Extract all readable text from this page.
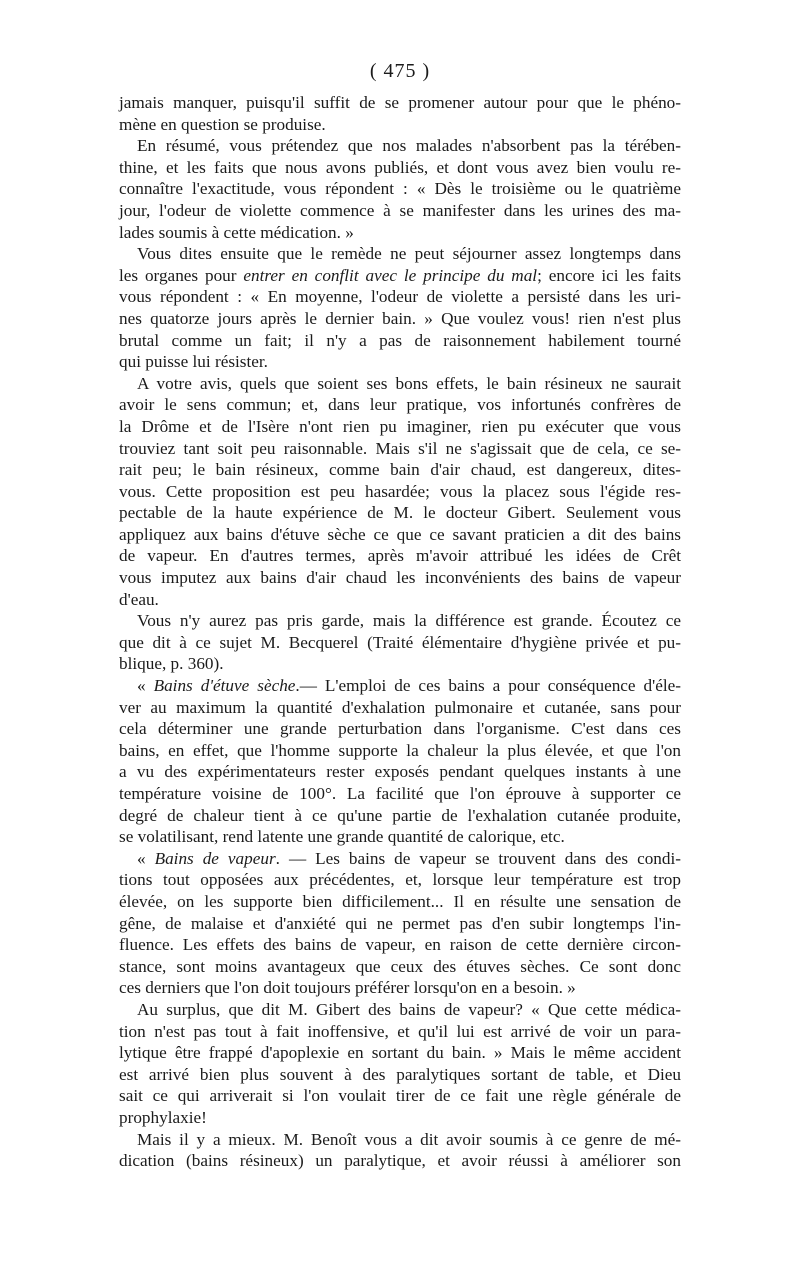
( 475 )

jamais manquer, puisqu'il suffit de se promener autour pour que le phéno-
mène en question se produise.

En résumé, vous prétendez que nos malades n'absorbent pas la térében-
thine, et les faits que nous avons publiés, et dont vous avez bien voulu re-
connaître l'exactitude, vous répondent : « Dès le troisième ou le quatrième
jour, l'odeur de violette commence à se manifester dans les urines des ma-
lades soumis à cette médication. »

Vous dites ensuite que le remède ne peut séjourner assez longtemps dans
les organes pour entrer en conflit avec le principe du mal; encore ici les faits
vous répondent : « En moyenne, l'odeur de violette a persisté dans les uri-
nes quatorze jours après le dernier bain. » Que voulez vous! rien n'est plus
brutal comme un fait; il n'y a pas de raisonnement habilement tourné
qui puisse lui résister.

A votre avis, quels que soient ses bons effets, le bain résineux ne saurait
avoir le sens commun; et, dans leur pratique, vos infortunés confrères de
la Drôme et de l'Isère n'ont rien pu imaginer, rien pu exécuter que vous
trouviez tant soit peu raisonnable. Mais s'il ne s'agissait que de cela, ce se-
rait peu; le bain résineux, comme bain d'air chaud, est dangereux, dites-
vous. Cette proposition est peu hasardée; vous la placez sous l'égide res-
pectable de la haute expérience de M. le docteur Gibert. Seulement vous
appliquez aux bains d'étuve sèche ce que ce savant praticien a dit des bains
de vapeur. En d'autres termes, après m'avoir attribué les idées de Crêt
vous imputez aux bains d'air chaud les inconvénients des bains de vapeur
d'eau.

Vous n'y aurez pas pris garde, mais la différence est grande. Écoutez ce
que dit à ce sujet M. Becquerel (Traité élémentaire d'hygiène privée et pu-
blique, p. 360).

« Bains d'étuve sèche.— L'emploi de ces bains a pour conséquence d'éle-
ver au maximum la quantité d'exhalation pulmonaire et cutanée, sans pour
cela déterminer une grande perturbation dans l'organisme. C'est dans ces
bains, en effet, que l'homme supporte la chaleur la plus élevée, et que l'on
a vu des expérimentateurs rester exposés pendant quelques instants à une
température voisine de 100°. La facilité que l'on éprouve à supporter ce
degré de chaleur tient à ce qu'une partie de l'exhalation cutanée produite,
se volatilisant, rend latente une grande quantité de calorique, etc.

« Bains de vapeur. — Les bains de vapeur se trouvent dans des condi-
tions tout opposées aux précédentes, et, lorsque leur température est trop
élevée, on les supporte bien difficilement... Il en résulte une sensation de
gêne, de malaise et d'anxiété qui ne permet pas d'en subir longtemps l'in-
fluence. Les effets des bains de vapeur, en raison de cette dernière circon-
stance, sont moins avantageux que ceux des étuves sèches. Ce sont donc
ces derniers que l'on doit toujours préférer lorsqu'on en a besoin. »

Au surplus, que dit M. Gibert des bains de vapeur? « Que cette médica-
tion n'est pas tout à fait inoffensive, et qu'il lui est arrivé de voir un para-
lytique être frappé d'apoplexie en sortant du bain. » Mais le même accident
est arrivé bien plus souvent à des paralytiques sortant de table, et Dieu
sait ce qui arriverait si l'on voulait tirer de ce fait une règle générale de
prophylaxie!

Mais il y a mieux. M. Benoît vous a dit avoir soumis à ce genre de mé-
dication (bains résineux) un paralytique, et avoir réussi à améliorer son
